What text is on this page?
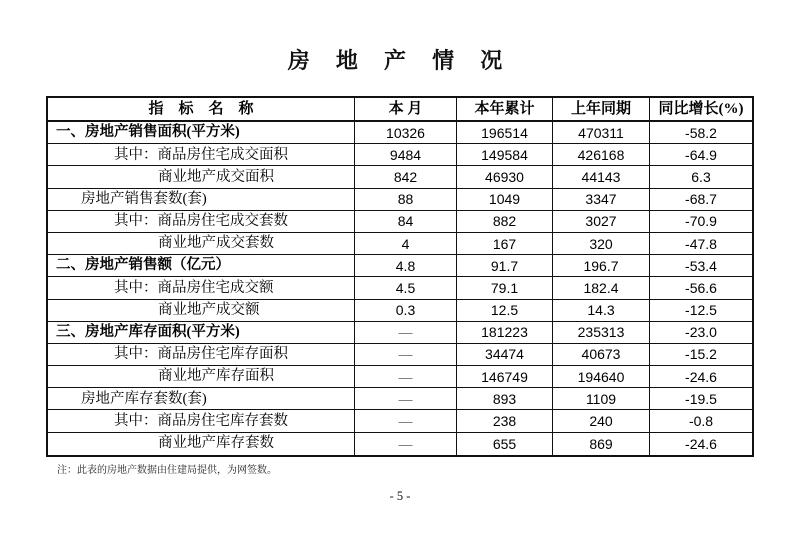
房 地 产 情 况
指    标    名    称	本 月	本年累计	上年同期	同比增长(%)
一、房地产销售面积(平方米)	10326	196514	470311	-58.2
其中：商品房住宅成交面积	9484	149584	426168	-64.9
商业地产成交面积	842	46930	44143	6.3
房地产销售套数(套)	88	1049	3347	-68.7
其中：商品房住宅成交套数	84	882	3027	-70.9
商业地产成交套数	4	167	320	-47.8
二、房地产销售额（亿元）	4.8	91.7	196.7	-53.4
其中：商品房住宅成交额	4.5	79.1	182.4	-56.6
商业地产成交额	0.3	12.5	14.3	-12.5
三、房地产库存面积(平方米)	—	181223	235313	-23.0
其中：商品房住宅库存面积	—	34474	40673	-15.2
商业地产库存面积	—	146749	194640	-24.6
房地产库存套数(套)	—	893	1109	-19.5
其中：商品房住宅库存套数	—	238	240	-0.8
商业地产库存套数	—	655	869	-24.6
注：此表的房地产数据由住建局提供，为网签数。
- 5 -
